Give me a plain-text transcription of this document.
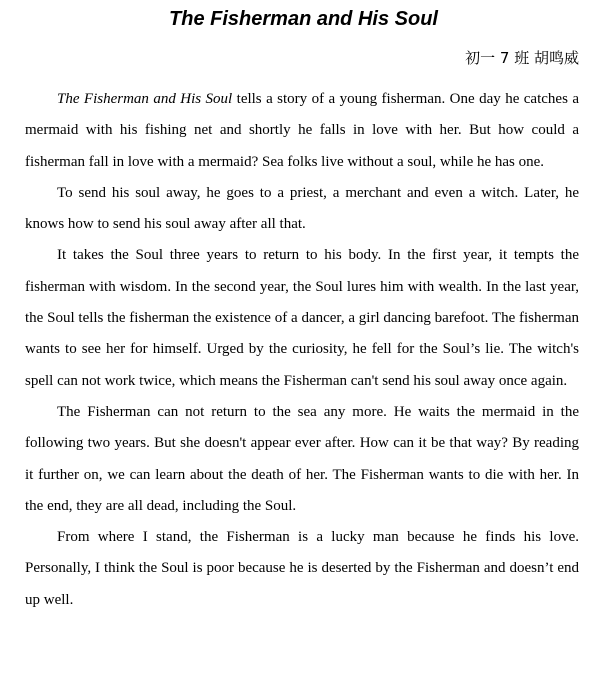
The Fisherman and His Soul
初一 7 班 胡鸣威

The Fisherman and His Soul tells a story of a young fisherman. One day he catches a mermaid with his fishing net and shortly he falls in love with her. But how could a fisherman fall in love with a mermaid? Sea folks live without a soul, while he has one.

To send his soul away, he goes to a priest, a merchant and even a witch. Later, he knows how to send his soul away after all that.

It takes the Soul three years to return to his body. In the first year, it tempts the fisherman with wisdom. In the second year, the Soul lures him with wealth. In the last year, the Soul tells the fisherman the existence of a dancer, a girl dancing barefoot. The fisherman wants to see her for himself. Urged by the curiosity, he fell for the Soul’s lie. The witch's spell can not work twice, which means the Fisherman can't send his soul away once again.

The Fisherman can not return to the sea any more. He waits the mermaid in the following two years. But she doesn't appear ever after. How can it be that way? By reading it further on, we can learn about the death of her. The Fisherman wants to die with her. In the end, they are all dead, including the Soul.

From where I stand, the Fisherman is a lucky man because he finds his love. Personally, I think the Soul is poor because he is deserted by the Fisherman and doesn’t end up well.
